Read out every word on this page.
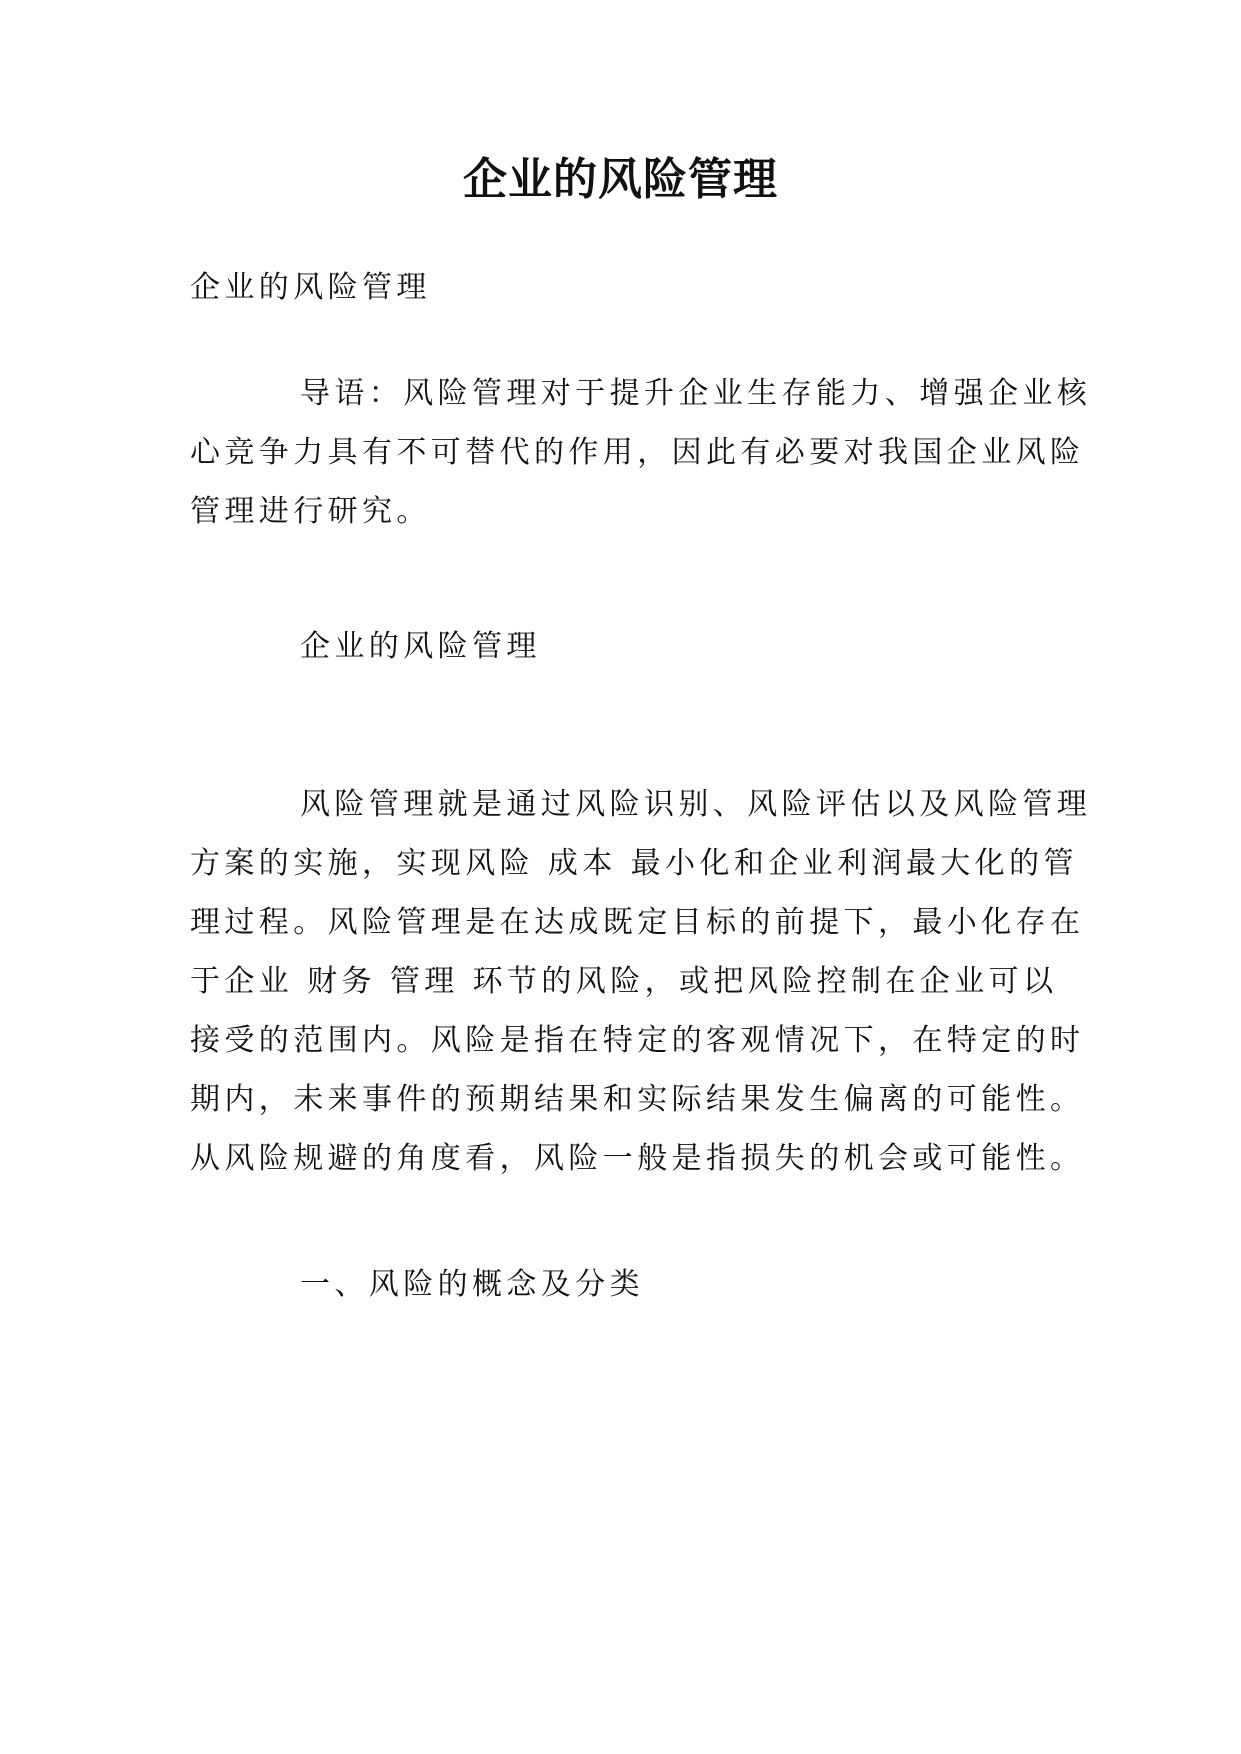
企业的风险管理

企业的风险管理

导语：风险管理对于提升企业生存能力、增强企业核
心竞争力具有不可替代的作用，因此有必要对我国企业风险
管理进行研究。

企业的风险管理

风险管理就是通过风险识别、风险评估以及风险管理
方案的实施，实现风险 成本 最小化和企业利润最大化的管
理过程。风险管理是在达成既定目标的前提下，最小化存在
于企业 财务 管理 环节的风险，或把风险控制在企业可以
接受的范围内。风险是指在特定的客观情况下，在特定的时
期内，未来事件的预期结果和实际结果发生偏离的可能性。
从风险规避的角度看，风险一般是指损失的机会或可能性。

一、风险的概念及分类
